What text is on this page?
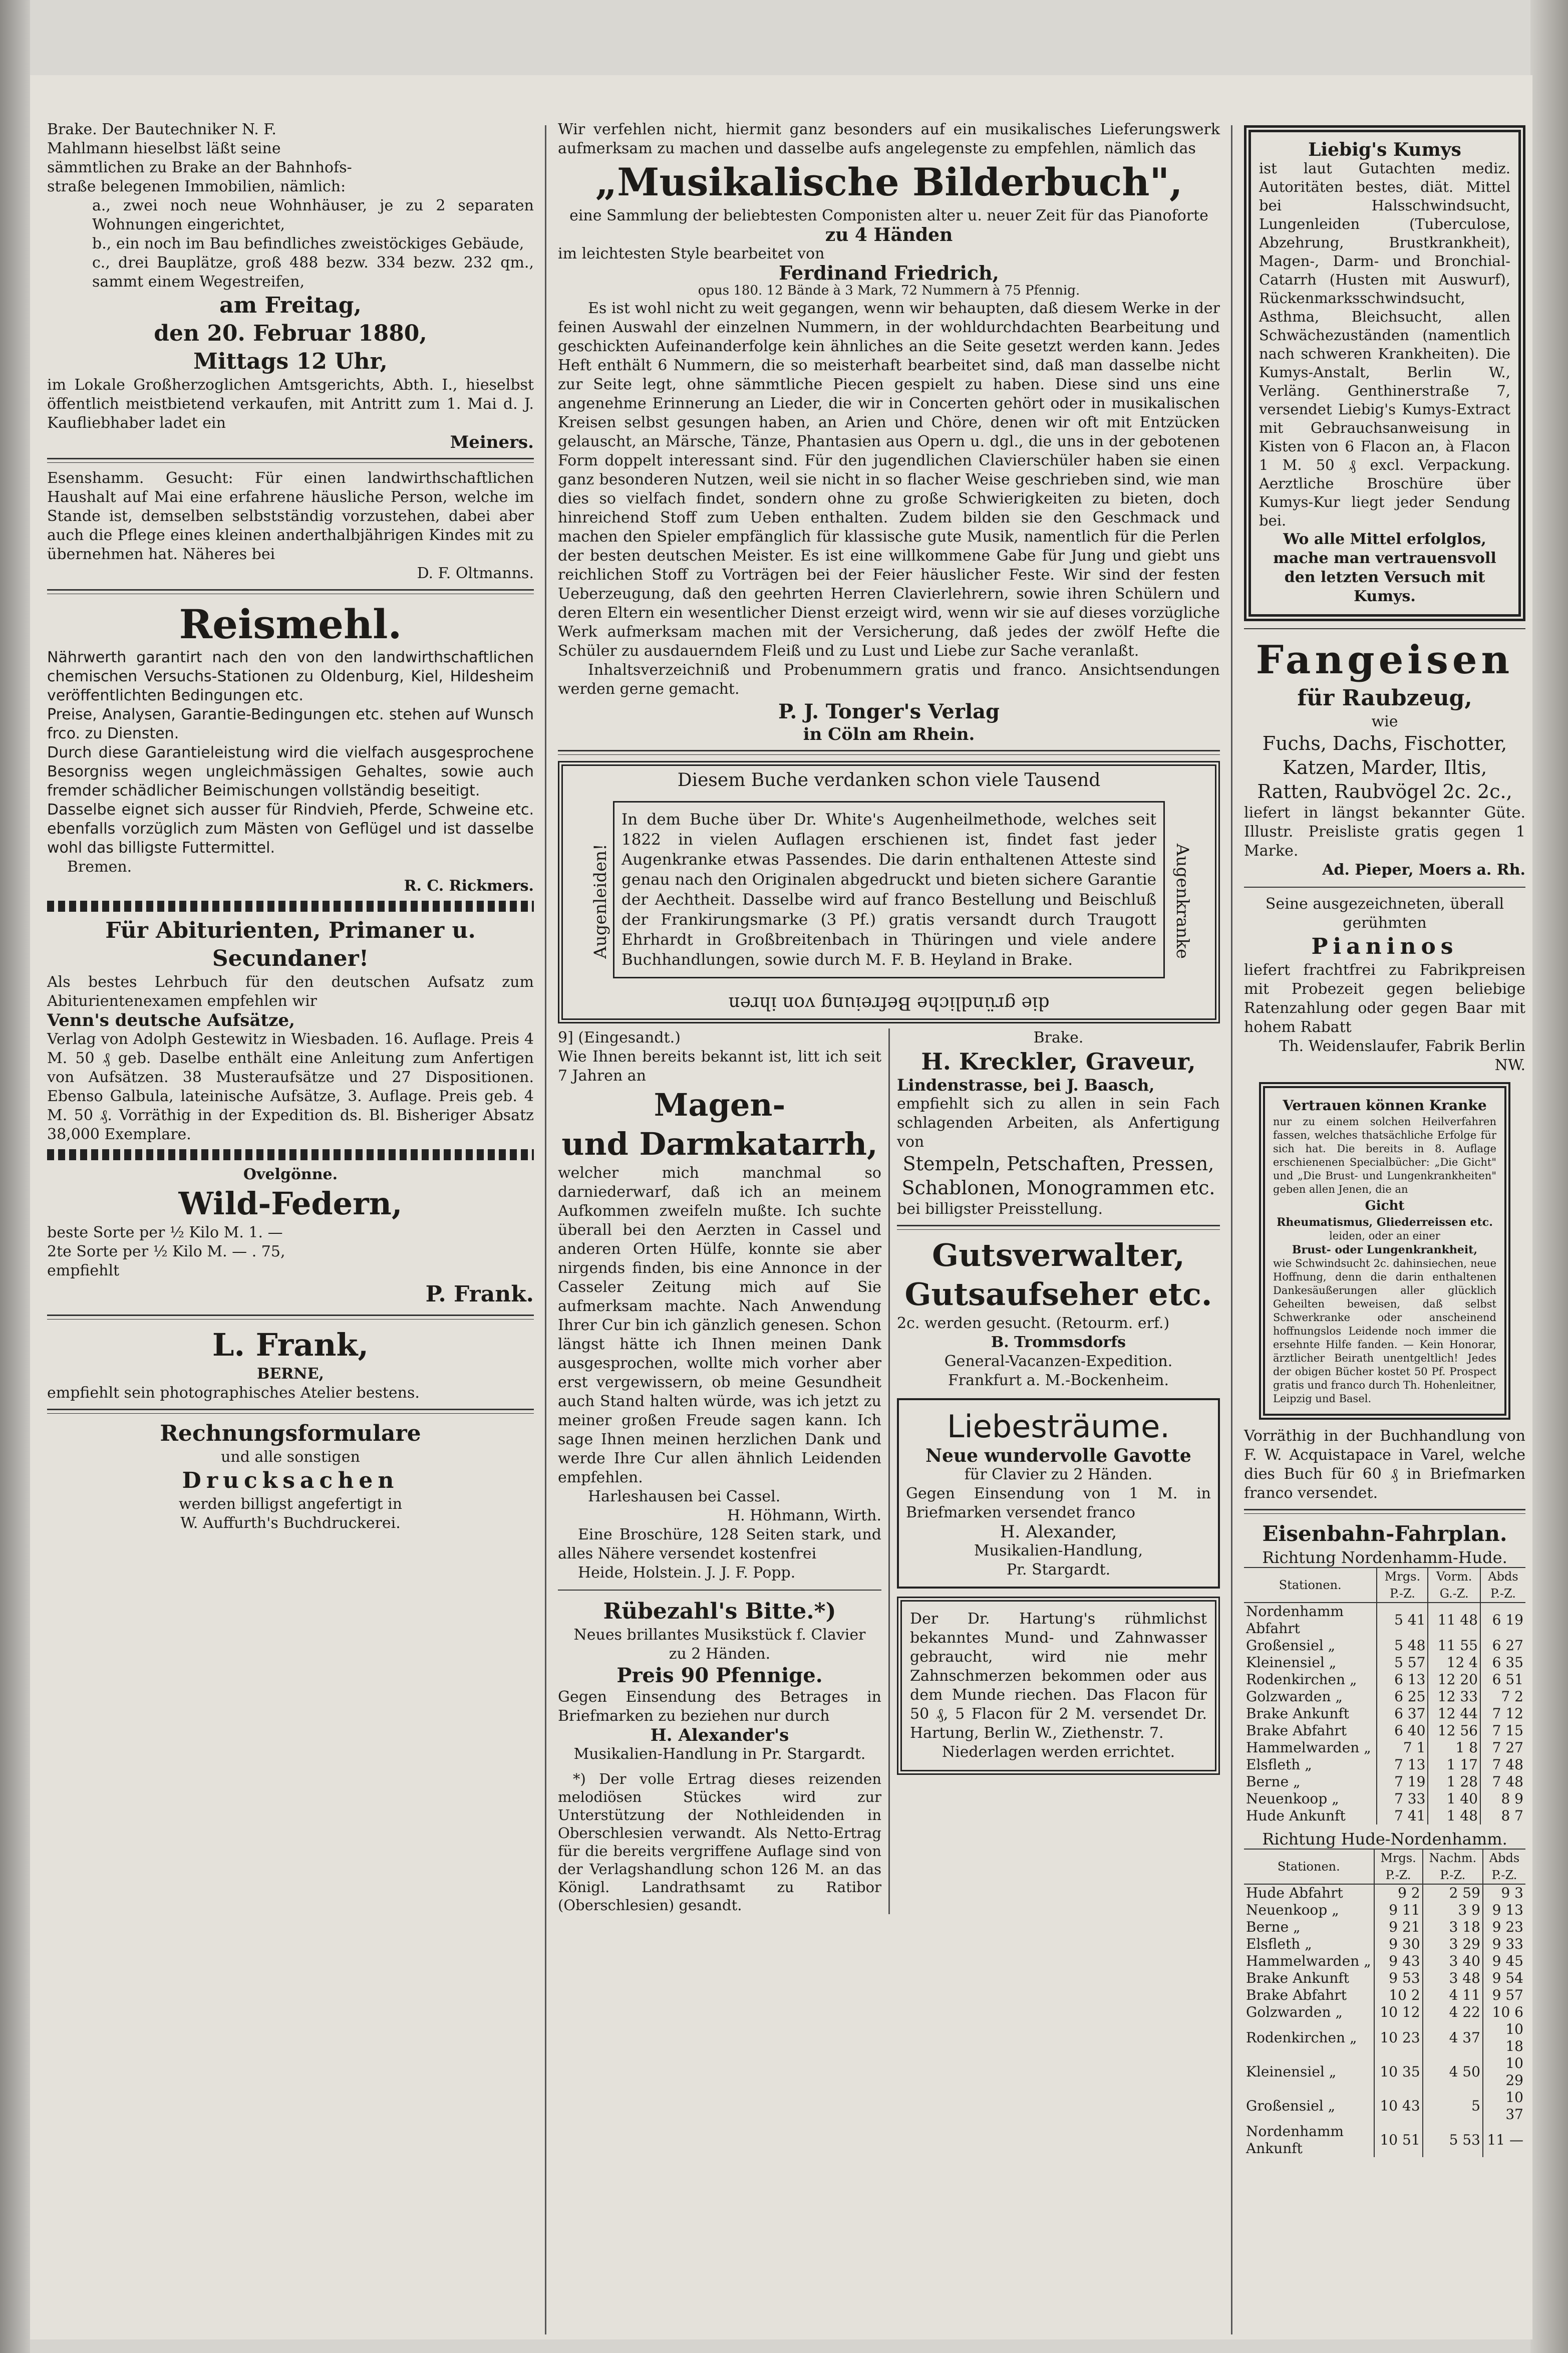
Brake. Der Bautechniker N. F.

Mahlmann hieselbst läßt seine

sämmtlichen zu Brake an der Bahnhofs-

straße belegenen Immobilien, nämlich:

a., zwei noch neue Wohnhäuser, je zu 2 separaten Wohnungen eingerichtet,

b., ein noch im Bau befindliches zweistöckiges Gebäude,

c., drei Bauplätze, groß 488 bezw. 334 bezw. 232 qm., sammt einem Wegestreifen,

am Freitag,

den 20. Februar 1880,

Mittags 12 Uhr,

im Lokale Großherzoglichen Amtsgerichts, Abth. I., hieselbst öffentlich meistbietend verkaufen, mit Antritt zum 1. Mai d. J. Kaufliebhaber ladet ein

Meiners.

Esenshamm. Gesucht: Für einen landwirthschaftlichen Haushalt auf Mai eine erfahrene häusliche Person, welche im Stande ist, demselben selbstständig vorzustehen, dabei aber auch die Pflege eines kleinen anderthalbjährigen Kindes mit zu übernehmen hat. Näheres bei

D. F. Oltmanns.

Reismehl.

Nährwerth garantirt nach den von den landwirthschaftlichen chemischen Versuchs-Stationen zu Oldenburg, Kiel, Hildesheim veröffentlichten Bedingungen etc.

Preise, Analysen, Garantie-Bedingungen etc. stehen auf Wunsch frco. zu Diensten.

Durch diese Garantieleistung wird die vielfach ausgesprochene Besorgniss wegen ungleichmässigen Gehaltes, sowie auch fremder schädlicher Beimischungen vollständig beseitigt.

Dasselbe eignet sich ausser für Rindvieh, Pferde, Schweine etc. ebenfalls vorzüglich zum Mästen von Geflügel und ist dasselbe wohl das billigste Futtermittel.

Bremen.

R. C. Rickmers.

Für Abiturienten, Primaner u. Secundaner!

Als bestes Lehrbuch für den deutschen Aufsatz zum Abiturientenexamen empfehlen wir

Venn's deutsche Aufsätze,

Verlag von Adolph Gestewitz in Wiesbaden. 16. Auflage. Preis 4 M. 50 ₰ geb. Daselbe enthält eine Anleitung zum Anfertigen von Aufsätzen. 38 Musteraufsätze und 27 Dispositionen. Ebenso Galbula, lateinische Aufsätze, 3. Auflage. Preis geb. 4 M. 50 ₰. Vorräthig in der Expedition ds. Bl. Bisheriger Absatz 38,000 Exemplare.

Ovelgönne.

Wild-Federn,

beste Sorte per ½ Kilo M. 1. —

2te Sorte per ½ Kilo M. — . 75,

empfiehlt

P. Frank.

L. Frank,

BERNE,

empfiehlt sein photographisches Atelier bestens.

Rechnungsformulare

und alle sonstigen

Drucksachen

werden billigst angefertigt in

W. Auffurth's Buchdruckerei.

Wir verfehlen nicht, hiermit ganz besonders auf ein musikalisches Lieferungswerk aufmerksam zu machen und dasselbe aufs angelegenste zu empfehlen, nämlich das

„Musikalische Bilderbuch",

eine Sammlung der beliebtesten Componisten alter u. neuer Zeit für das Pianoforte

zu 4 Händen

im leichtesten Style bearbeitet von

Ferdinand Friedrich,

opus 180. 12 Bände à 3 Mark, 72 Nummern à 75 Pfennig.

Es ist wohl nicht zu weit gegangen, wenn wir behaupten, daß diesem Werke in der feinen Auswahl der einzelnen Nummern, in der wohldurchdachten Bearbeitung und geschickten Aufeinanderfolge kein ähnliches an die Seite gesetzt werden kann. Jedes Heft enthält 6 Nummern, die so meisterhaft bearbeitet sind, daß man dasselbe nicht zur Seite legt, ohne sämmtliche Piecen gespielt zu haben. Diese sind uns eine angenehme Erinnerung an Lieder, die wir in Concerten gehört oder in musikalischen Kreisen selbst gesungen haben, an Arien und Chöre, denen wir oft mit Entzücken gelauscht, an Märsche, Tänze, Phantasien aus Opern u. dgl., die uns in der gebotenen Form doppelt interessant sind. Für den jugendlichen Clavierschüler haben sie einen ganz besonderen Nutzen, weil sie nicht in so flacher Weise geschrieben sind, wie man dies so vielfach findet, sondern ohne zu große Schwierigkeiten zu bieten, doch hinreichend Stoff zum Ueben enthalten. Zudem bilden sie den Geschmack und machen den Spieler empfänglich für klassische gute Musik, namentlich für die Perlen der besten deutschen Meister. Es ist eine willkommene Gabe für Jung und giebt uns reichlichen Stoff zu Vorträgen bei der Feier häuslicher Feste. Wir sind der festen Ueberzeugung, daß den geehrten Herren Clavierlehrern, sowie ihren Schülern und deren Eltern ein wesentlicher Dienst erzeigt wird, wenn wir sie auf dieses vorzügliche Werk aufmerksam machen mit der Versicherung, daß jedes der zwölf Hefte die Schüler zu ausdauerndem Fleiß und zu Lust und Liebe zur Sache veranlaßt.

Inhaltsverzeichniß und Probenummern gratis und franco. Ansichtsendungen werden gerne gemacht.

P. J. Tonger's Verlag

in Cöln am Rhein.

Diesem Buche verdanken schon viele Tausend

Augenleiden!	Augenkranke

In dem Buche über Dr. White's Augenheilmethode, welches seit 1822 in vielen Auflagen erschienen ist, findet fast jeder Augenkranke etwas Passendes. Die darin enthaltenen Atteste sind genau nach den Originalen abgedruckt und bieten sichere Garantie der Aechtheit. Dasselbe wird auf franco Bestellung und Beischluß der Frankirungsmarke (3 Pf.) gratis versandt durch Traugott Ehrhardt in Großbreitenbach in Thüringen und viele andere Buchhandlungen, sowie durch M. F. B. Heyland in Brake.

die gründliche Befreiung von ihren

9] (Eingesandt.)

Wie Ihnen bereits bekannt ist, litt ich seit 7 Jahren an

Magen-

und Darmkatarrh,

welcher mich manchmal so darniederwarf, daß ich an meinem Aufkommen zweifeln mußte. Ich suchte überall bei den Aerzten in Cassel und anderen Orten Hülfe, konnte sie aber nirgends finden, bis eine Annonce in der Casseler Zeitung mich auf Sie aufmerksam machte. Nach Anwendung Ihrer Cur bin ich gänzlich genesen. Schon längst hätte ich Ihnen meinen Dank ausgesprochen, wollte mich vorher aber erst vergewissern, ob meine Gesundheit auch Stand halten würde, was ich jetzt zu meiner großen Freude sagen kann. Ich sage Ihnen meinen herzlichen Dank und werde Ihre Cur allen ähnlich Leidenden empfehlen.

Harleshausen bei Cassel.

H. Höhmann, Wirth.

Eine Broschüre, 128 Seiten stark, und alles Nähere versendet kostenfrei

Heide, Holstein. J. J. F. Popp.

Rübezahl's Bitte.*)

Neues brillantes Musikstück f. Clavier

zu 2 Händen.

Preis 90 Pfennige.

Gegen Einsendung des Betrages in Briefmarken zu beziehen nur durch

H. Alexander's

Musikalien-Handlung in Pr. Stargardt.

*) Der volle Ertrag dieses reizenden melodiösen Stückes wird zur Unterstützung der Nothleidenden in Oberschlesien verwandt. Als Netto-Ertrag für die bereits vergriffene Auflage sind von der Verlagshandlung schon 126 M. an das Königl. Landrathsamt zu Ratibor (Oberschlesien) gesandt.

Brake.

H. Kreckler, Graveur,

Lindenstrasse, bei J. Baasch,

empfiehlt sich zu allen in sein Fach schlagenden Arbeiten, als Anfertigung von

Stempeln, Petschaften, Pressen,

Schablonen, Monogrammen etc.

bei billigster Preisstellung.

Gutsverwalter,

Gutsaufseher etc.

2c. werden gesucht. (Retourm. erf.)

B. Trommsdorfs

General-Vacanzen-Expedition.

Frankfurt a. M.-Bockenheim.

Liebesträume.

Neue wundervolle Gavotte

für Clavier zu 2 Händen.

Gegen Einsendung von 1 M. in Briefmarken versendet franco

H. Alexander,

Musikalien-Handlung,

Pr. Stargardt.

Der Dr. Hartung's rühmlichst bekanntes Mund- und Zahnwasser gebraucht, wird nie mehr Zahnschmerzen bekommen oder aus dem Munde riechen. Das Flacon für 50 ₰, 5 Flacon für 2 M. versendet Dr. Hartung, Berlin W., Ziethenstr. 7.

Niederlagen werden errichtet.

Liebig's Kumys

ist laut Gutachten mediz. Autoritäten bestes, diät. Mittel bei Halsschwindsucht, Lungenleiden (Tuberculose, Abzehrung, Brustkrankheit), Magen-, Darm- und Bronchial-Catarrh (Husten mit Auswurf), Rückenmarksschwindsucht, Asthma, Bleichsucht, allen Schwächezuständen (namentlich nach schweren Krankheiten). Die Kumys-Anstalt, Berlin W., Verläng. Genthinerstraße 7, versendet Liebig's Kumys-Extract mit Gebrauchsanweisung in Kisten von 6 Flacon an, à Flacon 1 M. 50 ₰ excl. Verpackung. Aerztliche Broschüre über Kumys-Kur liegt jeder Sendung bei.

Wo alle Mittel erfolglos, mache man vertrauensvoll den letzten Versuch mit Kumys.

Fangeisen

für Raubzeug,

wie

Fuchs, Dachs, Fischotter,

Katzen, Marder, Iltis,

Ratten, Raubvögel 2c. 2c.,

liefert in längst bekannter Güte. Illustr. Preisliste gratis gegen 1 Marke.

Ad. Pieper, Moers a. Rh.

Seine ausgezeichneten, überall gerühmten

Pianinos

liefert frachtfrei zu Fabrikpreisen mit Probezeit gegen beliebige Ratenzahlung oder gegen Baar mit hohem Rabatt

Th. Weidenslaufer, Fabrik Berlin NW.

Vertrauen können Kranke

nur zu einem solchen Heilverfahren fassen, welches thatsächliche Erfolge für sich hat. Die bereits in 8. Auflage erschienenen Specialbücher: „Die Gicht" und „Die Brust- und Lungenkrankheiten" geben allen Jenen, die an

Gicht

Rheumatismus, Gliederreissen etc.

leiden, oder an einer

Brust- oder Lungenkrankheit,

wie Schwindsucht 2c. dahinsiechen, neue Hoffnung, denn die darin enthaltenen Dankesäußerungen aller glücklich Geheilten beweisen, daß selbst Schwerkranke oder anscheinend hoffnungslos Leidende noch immer die ersehnte Hilfe fanden. — Kein Honorar, ärztlicher Beirath unentgeltlich! Jedes der obigen Bücher kostet 50 Pf. Prospect gratis und franco durch Th. Hohenleitner, Leipzig und Basel.

Vorräthig in der Buchhandlung von F. W. Acquistapace in Varel, welche dies Buch für 60 ₰ in Briefmarken franco versendet.

Eisenbahn-Fahrplan.

Richtung Nordenhamm-Hude.

Stationen.	Mrgs. P.-Z.	Vorm. G.-Z.	Abds P.-Z.
Nordenhamm Abfahrt	5 41	11 48	6 19
Großensiel „	5 48	11 55	6 27
Kleinensiel „	5 57	12 4	6 35
Rodenkirchen „	6 13	12 20	6 51
Golzwarden „	6 25	12 33	7 2
Brake Ankunft	6 37	12 44	7 12
Brake Abfahrt	6 40	12 56	7 15
Hammelwarden „	7 1	1 8	7 27
Elsfleth „	7 13	1 17	7 48
Berne „	7 19	1 28	7 48
Neuenkoop „	7 33	1 40	8 9
Hude Ankunft	7 41	1 48	8 7

Richtung Hude-Nordenhamm.

Stationen.	Mrgs. P.-Z.	Nachm. P.-Z.	Abds P.-Z.
Hude Abfahrt	9 2	2 59	9 3
Neuenkoop „	9 11	3 9	9 13
Berne „	9 21	3 18	9 23
Elsfleth „	9 30	3 29	9 33
Hammelwarden „	9 43	3 40	9 45
Brake Ankunft	9 53	3 48	9 54
Brake Abfahrt	10 2	4 11	9 57
Golzwarden „	10 12	4 22	10 6
Rodenkirchen „	10 23	4 37	10 18
Kleinensiel „	10 35	4 50	10 29
Großensiel „	10 43	5	10 37
Nordenhamm Ankunft	10 51	5 53	11 —
